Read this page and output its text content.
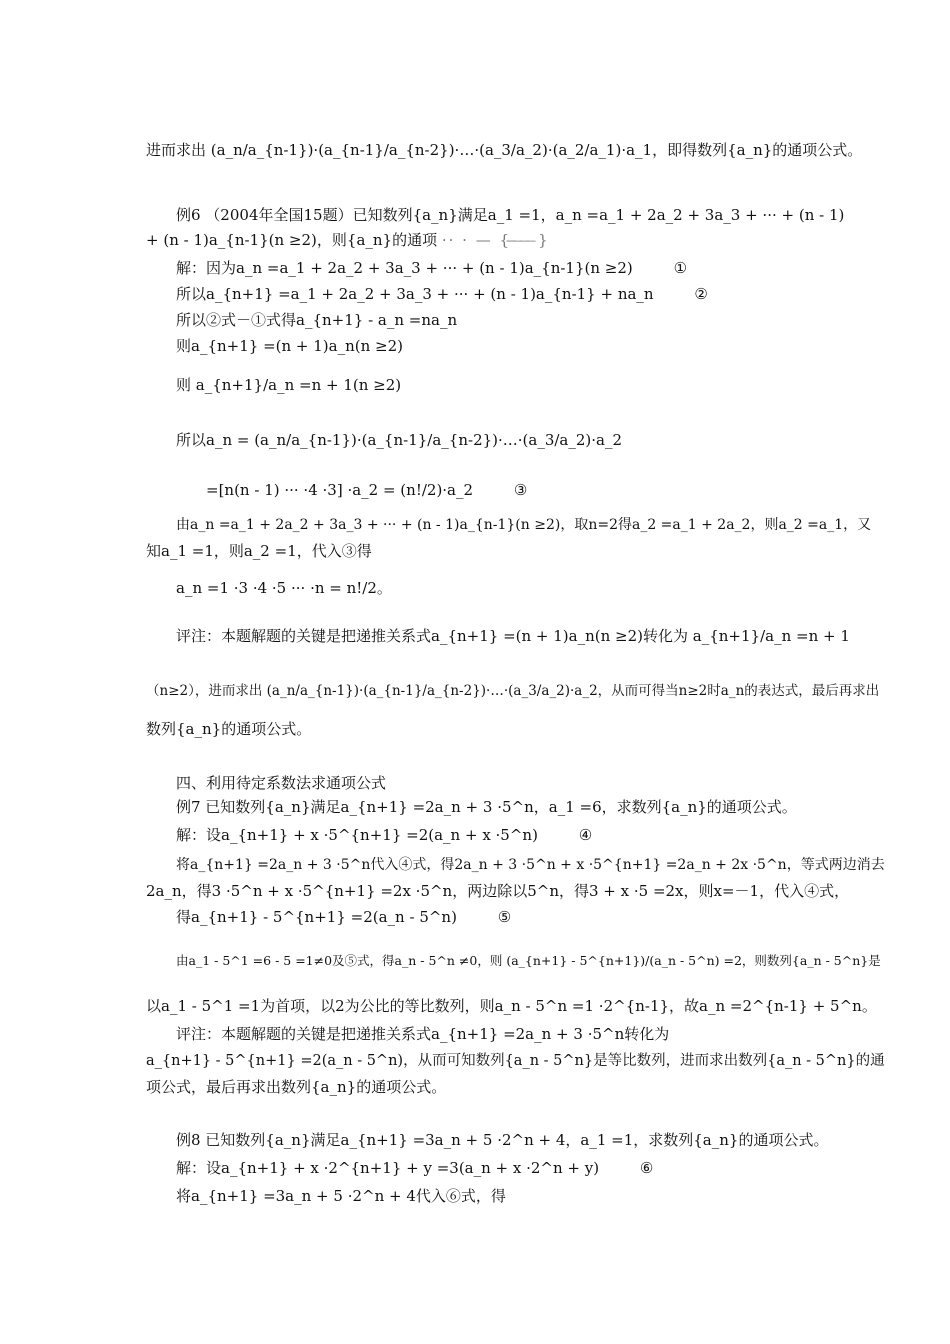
进而求出 (a_n/a_{n-1})·(a_{n-1}/a_{n-2})·…·(a_3/a_2)·(a_2/a_1)·a_1，即得数列{a_n}的通项公式。
例6 （2004年全国15题）已知数列{a_n}满足a_1 =1，a_n =a_1 + 2a_2 + 3a_3 + ··· + (n - 1)
+ (n - 1)a_{n-1}(n ≥2)，则{a_n}的通项 ·· · — { ̶̶ ̶ ̶ ̶}
解：因为a_n =a_1 + 2a_2 + 3a_3 + ··· + (n - 1)a_{n-1}(n ≥2)	①
所以a_{n+1} =a_1 + 2a_2 + 3a_3 + ··· + (n - 1)a_{n-1} + na_n	②
所以②式－①式得a_{n+1} - a_n =na_n
则a_{n+1} =(n + 1)a_n(n ≥2)
则 a_{n+1}/a_n =n + 1(n ≥2)
所以a_n = (a_n/a_{n-1})·(a_{n-1}/a_{n-2})·…·(a_3/a_2)·a_2
=[n(n - 1) ··· ·4 ·3] ·a_2 = (n!/2)·a_2	③
由a_n =a_1 + 2a_2 + 3a_3 + ··· + (n - 1)a_{n-1}(n ≥2)，取n=2得a_2 =a_1 + 2a_2，则a_2 =a_1，又
知a_1 =1，则a_2 =1，代入③得
a_n =1 ·3 ·4 ·5 ··· ·n = n!/2。
评注：本题解题的关键是把递推关系式a_{n+1} =(n + 1)a_n(n ≥2)转化为 a_{n+1}/a_n =n + 1
（n≥2），进而求出 (a_n/a_{n-1})·(a_{n-1}/a_{n-2})·…·(a_3/a_2)·a_2，从而可得当n≥2时a_n的表达式，最后再求出
数列{a_n}的通项公式。
四、利用待定系数法求通项公式
例7 已知数列{a_n}满足a_{n+1} =2a_n + 3 ·5^n，a_1 =6，求数列{a_n}的通项公式。
解：设a_{n+1} + x ·5^{n+1} =2(a_n + x ·5^n)	④
将a_{n+1} =2a_n + 3 ·5^n代入④式，得2a_n + 3 ·5^n + x ·5^{n+1} =2a_n + 2x ·5^n，等式两边消去
2a_n，得3 ·5^n + x ·5^{n+1} =2x ·5^n，两边除以5^n，得3 + x ·5 =2x，则x=－1，代入④式，
得a_{n+1} - 5^{n+1} =2(a_n - 5^n)	⑤
由a_1 - 5^1 =6 - 5 =1≠0及⑤式，得a_n - 5^n ≠0，则 (a_{n+1} - 5^{n+1})/(a_n - 5^n) =2，则数列{a_n - 5^n}是
以a_1 - 5^1 =1为首项，以2为公比的等比数列，则a_n - 5^n =1 ·2^{n-1}，故a_n =2^{n-1} + 5^n。
评注：本题解题的关键是把递推关系式a_{n+1} =2a_n + 3 ·5^n转化为
a_{n+1} - 5^{n+1} =2(a_n - 5^n)，从而可知数列{a_n - 5^n}是等比数列，进而求出数列{a_n - 5^n}的通
项公式，最后再求出数列{a_n}的通项公式。
例8 已知数列{a_n}满足a_{n+1} =3a_n + 5 ·2^n + 4，a_1 =1，求数列{a_n}的通项公式。
解：设a_{n+1} + x ·2^{n+1} + y =3(a_n + x ·2^n + y)	⑥
将a_{n+1} =3a_n + 5 ·2^n + 4代入⑥式，得
